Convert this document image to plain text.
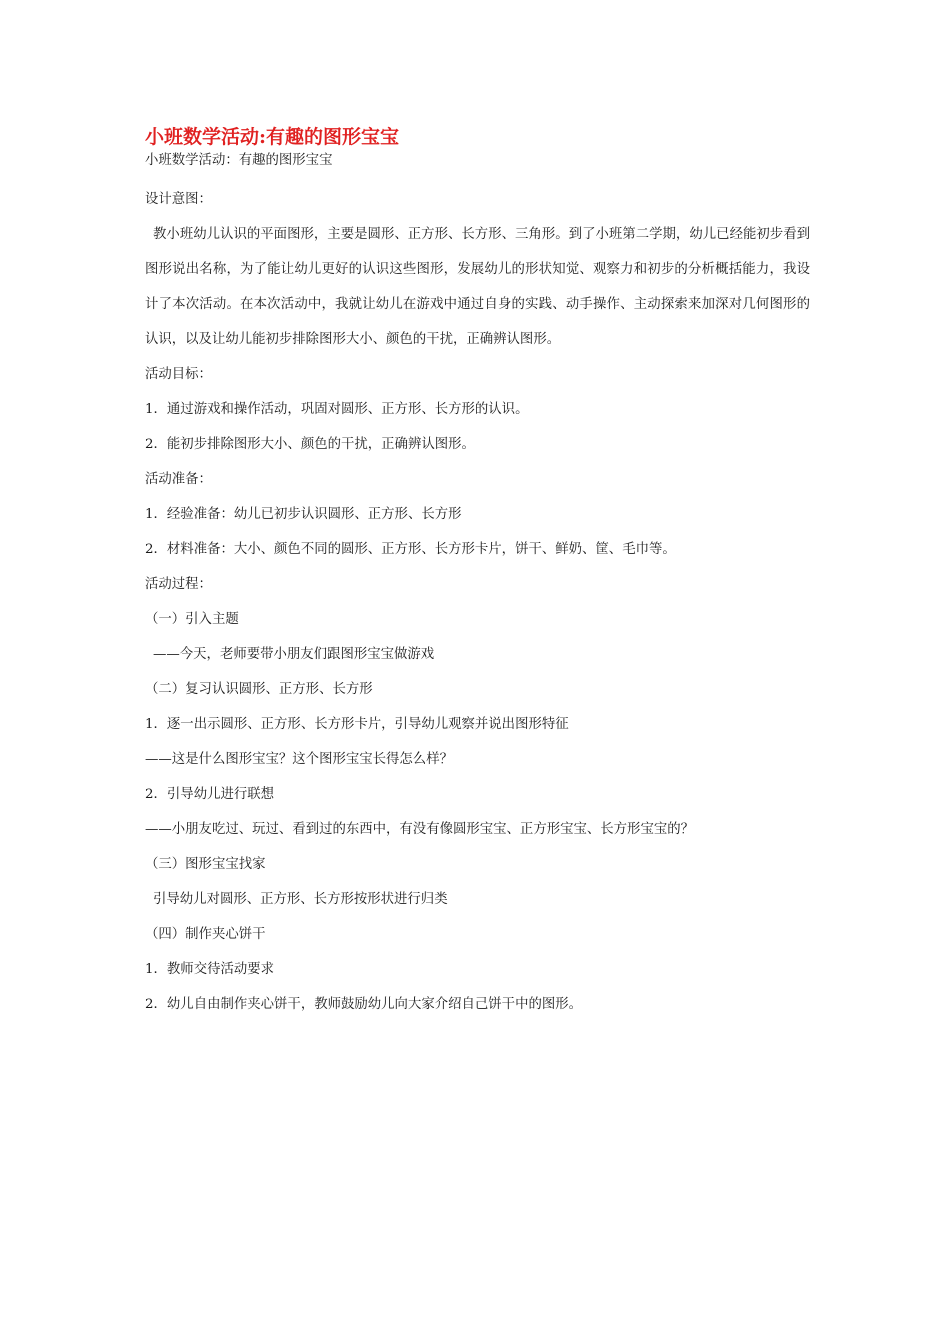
小班数学活动:有趣的图形宝宝
小班数学活动：有趣的图形宝宝
设计意图：
教小班幼儿认识的平面图形，主要是圆形、正方形、长方形、三角形。到了小班第二学期，幼儿已经能初步看到图形说出名称，为了能让幼儿更好的认识这些图形，发展幼儿的形状知觉、观察力和初步的分析概括能力，我设计了本次活动。在本次活动中，我就让幼儿在游戏中通过自身的实践、动手操作、主动探索来加深对几何图形的认识，以及让幼儿能初步排除图形大小、颜色的干扰，正确辨认图形。
活动目标：
1．通过游戏和操作活动，巩固对圆形、正方形、长方形的认识。
2．能初步排除图形大小、颜色的干扰，正确辨认图形。
活动准备：
1．经验准备：幼儿已初步认识圆形、正方形、长方形
2．材料准备：大小、颜色不同的圆形、正方形、长方形卡片，饼干、鲜奶、筐、毛巾等。
活动过程：
（一）引入主题
——今天，老师要带小朋友们跟图形宝宝做游戏
（二）复习认识圆形、正方形、长方形
1．逐一出示圆形、正方形、长方形卡片，引导幼儿观察并说出图形特征
——这是什么图形宝宝？这个图形宝宝长得怎么样？
2．引导幼儿进行联想
——小朋友吃过、玩过、看到过的东西中，有没有像圆形宝宝、正方形宝宝、长方形宝宝的？
（三）图形宝宝找家
引导幼儿对圆形、正方形、长方形按形状进行归类
（四）制作夹心饼干
1．教师交待活动要求
2．幼儿自由制作夹心饼干，教师鼓励幼儿向大家介绍自己饼干中的图形。
